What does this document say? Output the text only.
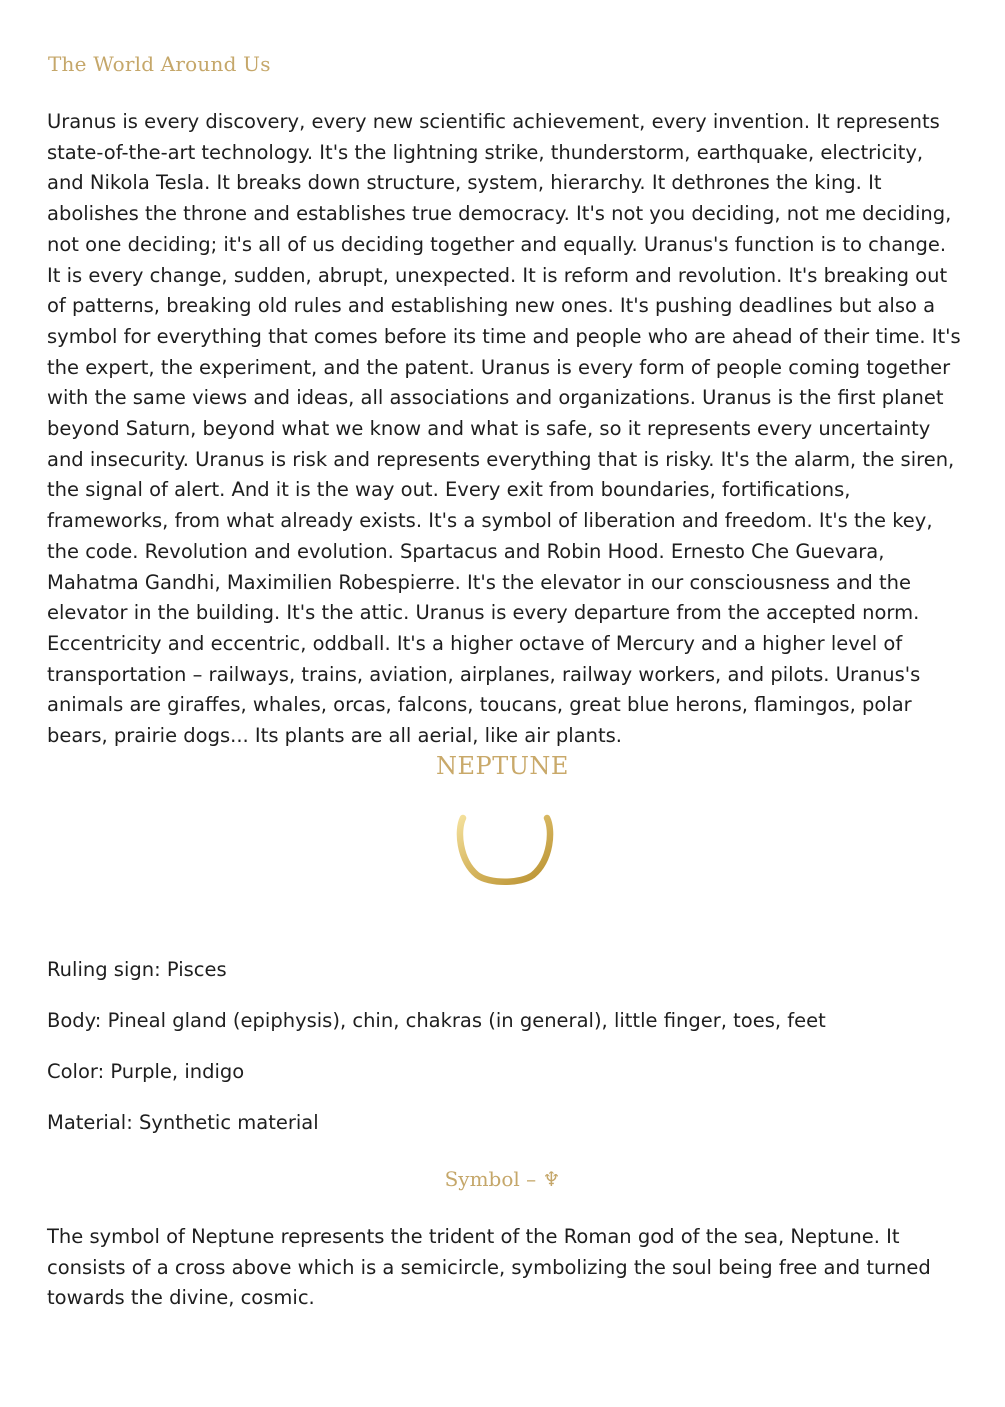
The World Around Us

Uranus is every discovery, every new scientific achievement, every invention. It represents state-of-the-art technology. It's the lightning strike, thunderstorm, earthquake, electricity, and Nikola Tesla. It breaks down structure, system, hierarchy. It dethrones the king. It abolishes the throne and establishes true democracy. It's not you deciding, not me deciding, not one deciding; it's all of us deciding together and equally. Uranus's function is to change. It is every change, sudden, abrupt, unexpected. It is reform and revolution. It's breaking out of patterns, breaking old rules and establishing new ones. It's pushing deadlines but also a symbol for everything that comes before its time and people who are ahead of their time. It's the expert, the experiment, and the patent. Uranus is every form of people coming together with the same views and ideas, all associations and organizations. Uranus is the first planet beyond Saturn, beyond what we know and what is safe, so it represents every uncertainty and insecurity. Uranus is risk and represents everything that is risky. It's the alarm, the siren, the signal of alert. And it is the way out. Every exit from boundaries, fortifications, frameworks, from what already exists. It's a symbol of liberation and freedom. It's the key, the code. Revolution and evolution. Spartacus and Robin Hood. Ernesto Che Guevara, Mahatma Gandhi, Maximilien Robespierre. It's the elevator in our consciousness and the elevator in the building. It's the attic. Uranus is every departure from the accepted norm. Eccentricity and eccentric, oddball. It's a higher octave of Mercury and a higher level of transportation – railways, trains, aviation, airplanes, railway workers, and pilots. Uranus's animals are giraffes, whales, orcas, falcons, toucans, great blue herons, flamingos, polar bears, prairie dogs... Its plants are all aerial, like air plants.

NEPTUNE
Ruling sign: Pisces
Body: Pineal gland (epiphysis), chin, chakras (in general), little finger, toes, feet
Color: Purple, indigo
Material: Synthetic material
Symbol – ♆

The symbol of Neptune represents the trident of the Roman god of the sea, Neptune. It consists of a cross above which is a semicircle, symbolizing the soul being free and turned towards the divine, cosmic.
